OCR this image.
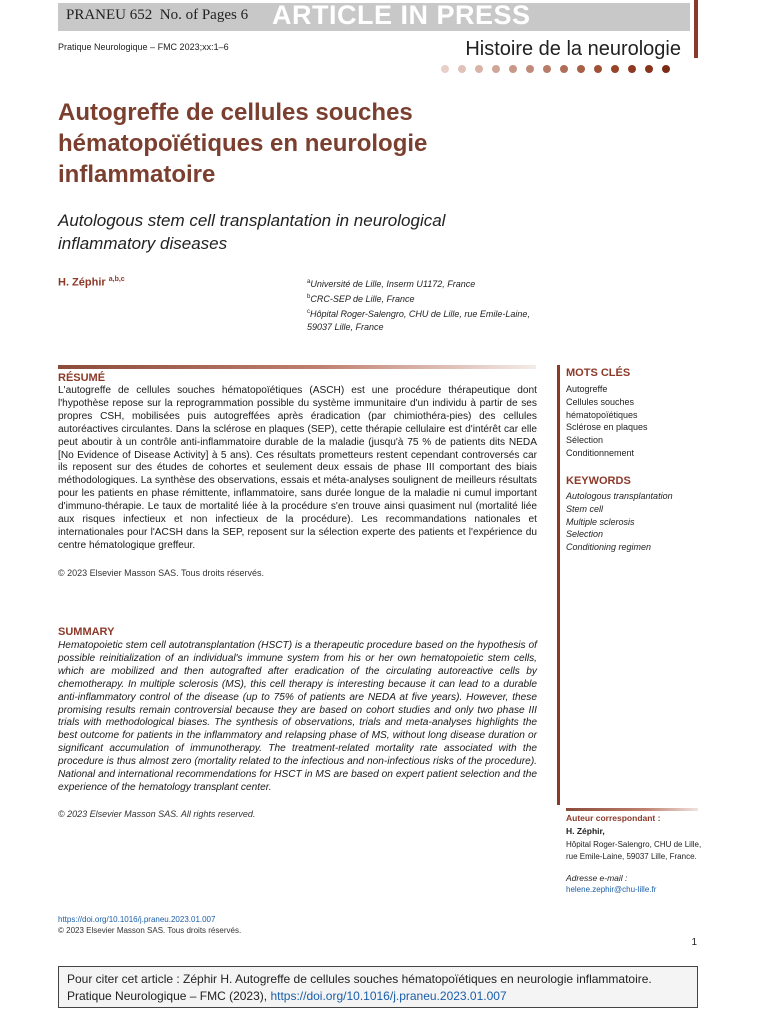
PRANEU 652 No. of Pages 6 ARTICLE IN PRESS
Pratique Neurologique – FMC 2023;xx:1–6	Histoire de la neurologie
Autogreffe de cellules souches
hématopoïétiques en neurologie
inflammatoire
Autologous stem cell transplantation in neurological
inflammatory diseases
H. Zéphir $^{a,b,c}$	$^a$Université de Lille, Inserm U1172, France
$^b$CRC-SEP de Lille, France
$^c$Hôpital Roger-Salengro, CHU de Lille, rue Emile-Laine, 59037 Lille, France
RÉSUMÉ

L'autogreffe de cellules souches hématopoïétiques (ASCH) est une procédure thérapeutique dont l'hypothèse repose sur la reprogrammation possible du système immunitaire d'un individu à partir de ses propres CSH, mobilisées puis autogreffées après éradication (par chimiothéra-pies) des cellules autoréactives circulantes. Dans la sclérose en plaques (SEP), cette thérapie cellulaire est d'intérêt car elle peut aboutir à un contrôle anti-inflammatoire durable de la maladie (jusqu'à 75 % de patients dits NEDA [No Evidence of Disease Activity] à 5 ans). Ces résultats prometteurs restent cependant controversés car ils reposent sur des études de cohortes et seulement deux essais de phase III comportant des biais méthodologiques. La synthèse des observations, essais et méta-analyses soulignent de meilleurs résultats pour les patients en phase rémittente, inflammatoire, sans durée longue de la maladie ni cumul important d'immuno-thérapie. Le taux de mortalité liée à la procédure s'en trouve ainsi quasiment nul (mortalité liée aux risques infectieux et non infectieux de la procédure). Les recommandations nationales et internationales pour l'ACSH dans la SEP, reposent sur la sélection experte des patients et l'expérience du centre hématologique greffeur.

© 2023 Elsevier Masson SAS. Tous droits réservés.
SUMMARY

Hematopoietic stem cell autotransplantation (HSCT) is a therapeutic procedure based on the hypothesis of possible reinitialization of an individual's immune system from his or her own hematopoietic stem cells, which are mobilized and then autografted after eradication of the circulating autoreactive cells by chemotherapy. In multiple sclerosis (MS), this cell therapy is interesting because it can lead to a durable anti-inflammatory control of the disease (up to 75% of patients are NEDA at five years). However, these promising results remain controversial because they are based on cohort studies and only two phase III trials with methodological biases. The synthesis of observations, trials and meta-analyses highlights the best outcome for patients in the inflammatory and relapsing phase of MS, without long disease duration or significant accumulation of immunotherapy. The treatment-related mortality rate associated with the procedure is thus almost zero (mortality related to the infectious and non-infectious risks of the procedure). National and international recommendations for HSCT in MS are based on expert patient selection and the experience of the hematology transplant center.

© 2023 Elsevier Masson SAS. All rights reserved.
MOTS CLÉS
Autogreffe
Cellules souches
hématopoïétiques
Sclérose en plaques
Sélection
Conditionnement
KEYWORDS
Autologous transplantation
Stem cell
Multiple sclerosis
Selection
Conditioning regimen
Auteur correspondant :
H. Zéphir,
Hôpital Roger-Salengro, CHU de Lille, rue Emile-Laine, 59037 Lille, France.
Adresse e-mail :
helene.zephir@chu-lille.fr
https://doi.org/10.1016/j.praneu.2023.01.007
© 2023 Elsevier Masson SAS. Tous droits réservés.
1
Pour citer cet article : Zéphir H. Autogreffe de cellules souches hématopoïétiques en neurologie inflammatoire.
Pratique Neurologique – FMC (2023), https://doi.org/10.1016/j.praneu.2023.01.007
